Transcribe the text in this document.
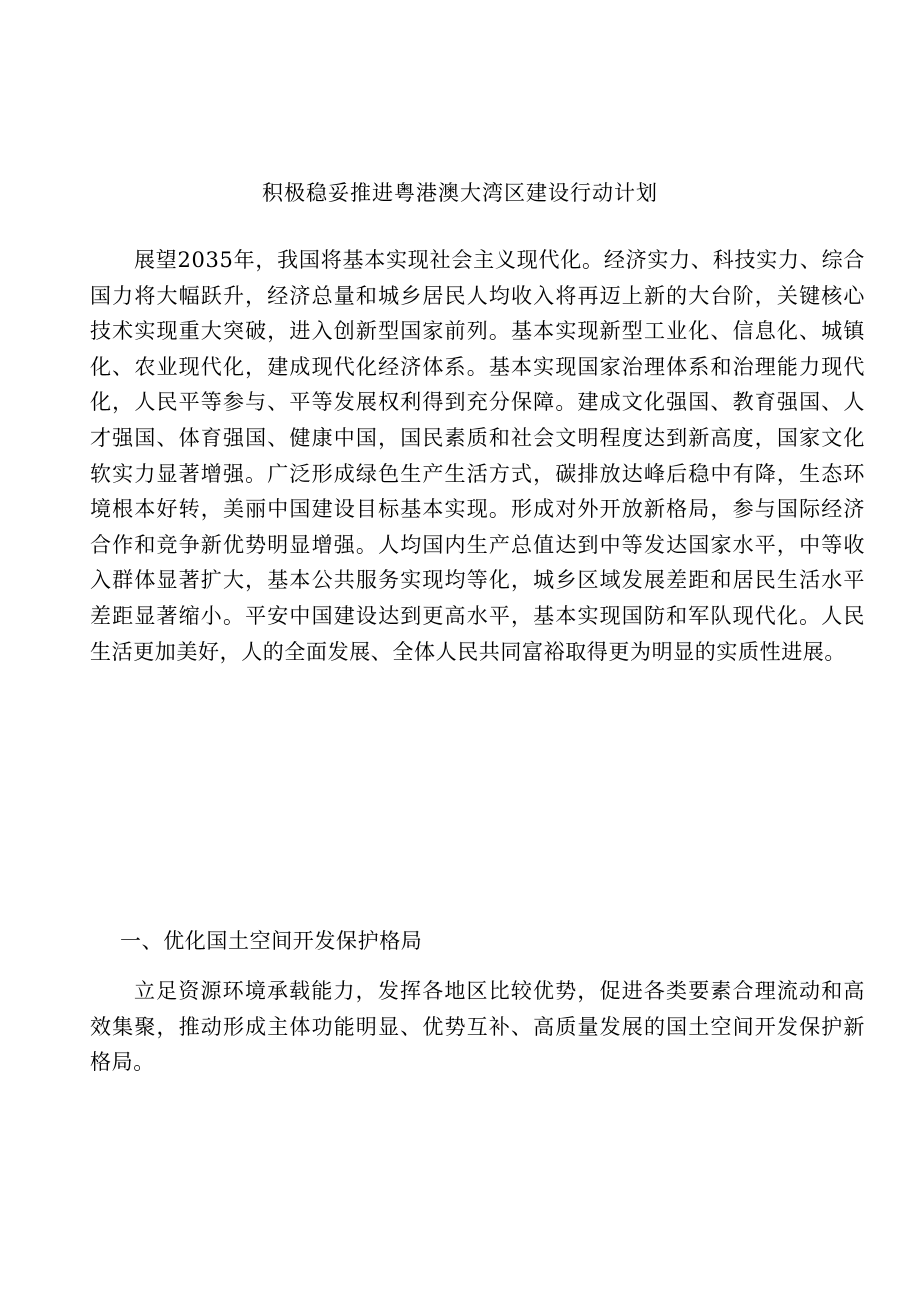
积极稳妥推进粤港澳大湾区建设行动计划

展望2035年，我国将基本实现社会主义现代化。经济实力、科技实力、综合国力将大幅跃升，经济总量和城乡居民人均收入将再迈上新的大台阶，关键核心技术实现重大突破，进入创新型国家前列。基本实现新型工业化、信息化、城镇化、农业现代化，建成现代化经济体系。基本实现国家治理体系和治理能力现代化，人民平等参与、平等发展权利得到充分保障。建成文化强国、教育强国、人才强国、体育强国、健康中国，国民素质和社会文明程度达到新高度，国家文化软实力显著增强。广泛形成绿色生产生活方式，碳排放达峰后稳中有降，生态环境根本好转，美丽中国建设目标基本实现。形成对外开放新格局，参与国际经济合作和竞争新优势明显增强。人均国内生产总值达到中等发达国家水平，中等收入群体显著扩大，基本公共服务实现均等化，城乡区域发展差距和居民生活水平差距显著缩小。平安中国建设达到更高水平，基本实现国防和军队现代化。人民生活更加美好，人的全面发展、全体人民共同富裕取得更为明显的实质性进展。

一、优化国土空间开发保护格局

立足资源环境承载能力，发挥各地区比较优势，促进各类要素合理流动和高效集聚，推动形成主体功能明显、优势互补、高质量发展的国土空间开发保护新格局。
